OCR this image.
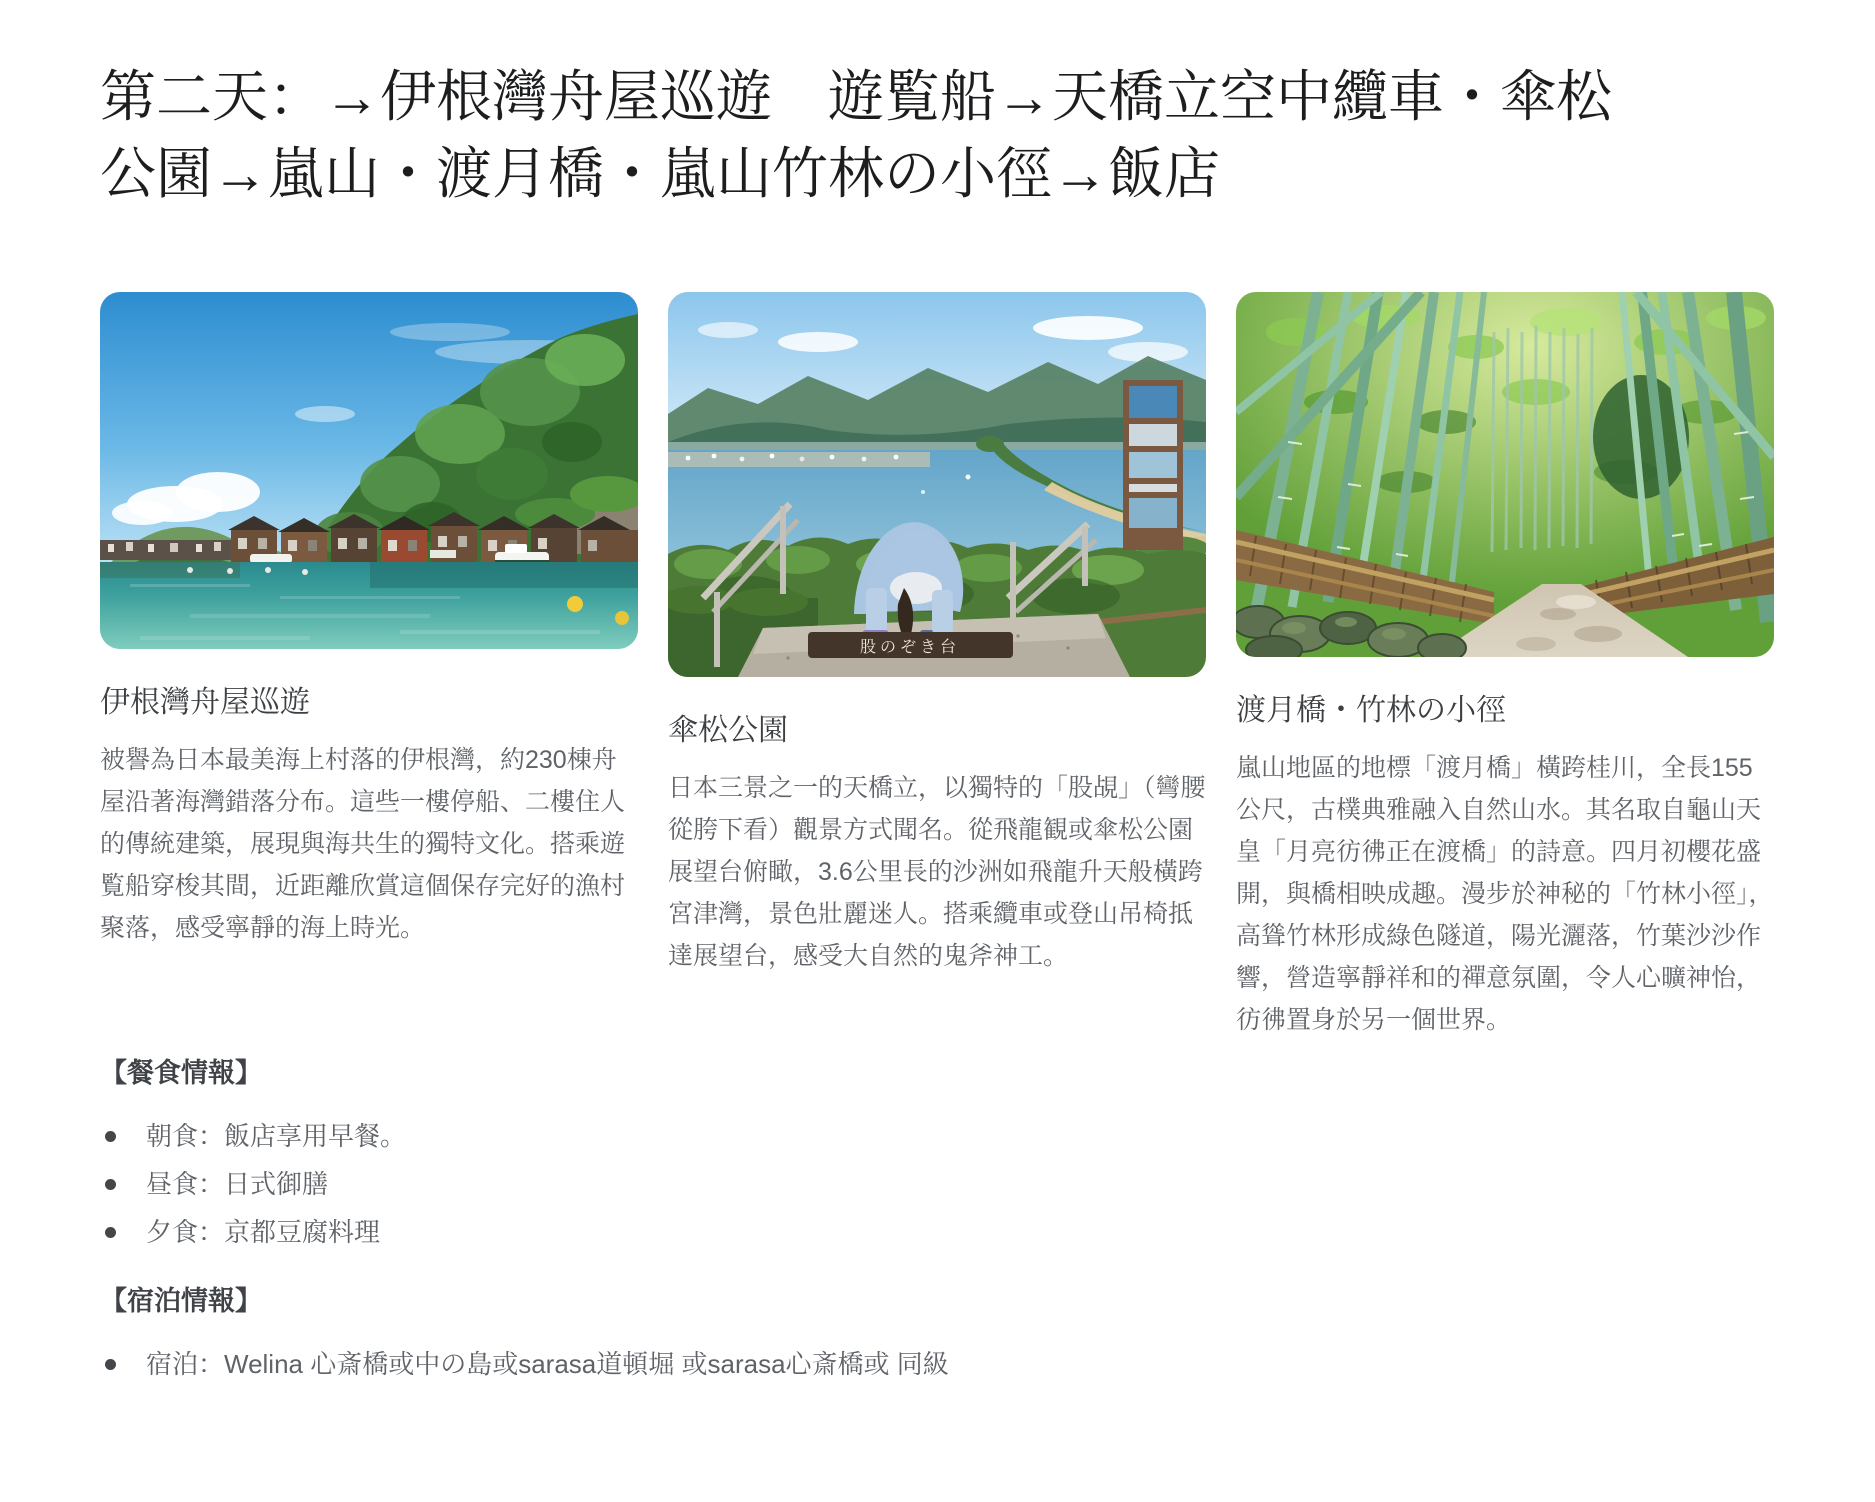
第二天：→伊根灣舟屋巡遊　遊覧船→天橋立空中纜車・傘松公園→嵐山・渡月橋・嵐山竹林の小徑→飯店
伊根灣舟屋巡遊
被譽為日本最美海上村落的伊根灣，約230棟舟屋沿著海灣錯落分布。這些一樓停船、二樓住人的傳統建築，展現與海共生的獨特文化。搭乘遊覧船穿梭其間，近距離欣賞這個保存完好的漁村聚落，感受寧靜的海上時光。
股のぞき台
傘松公園
日本三景之一的天橋立，以獨特的「股覘」（彎腰從胯下看）觀景方式聞名。從飛龍観或傘松公園展望台俯瞰，3.6公里長的沙洲如飛龍升天般橫跨宮津灣，景色壯麗迷人。搭乘纜車或登山吊椅抵達展望台，感受大自然的鬼斧神工。
渡月橋・竹林の小徑
嵐山地區的地標「渡月橋」橫跨桂川，全長155公尺，古樸典雅融入自然山水。其名取自龜山天皇「月亮彷彿正在渡橋」的詩意。四月初櫻花盛開，與橋相映成趣。漫步於神秘的「竹林小徑」，高聳竹林形成綠色隧道，陽光灑落，竹葉沙沙作響，營造寧靜祥和的禪意氛圍，令人心曠神怡，彷彿置身於另一個世界。
【餐食情報】
朝食：飯店享用早餐。
昼食：日式御膳
夕食：京都豆腐料理
【宿泊情報】
宿泊：Welina 心斎橋或中の島或sarasa道頓堀 或sarasa心斎橋或 同級
